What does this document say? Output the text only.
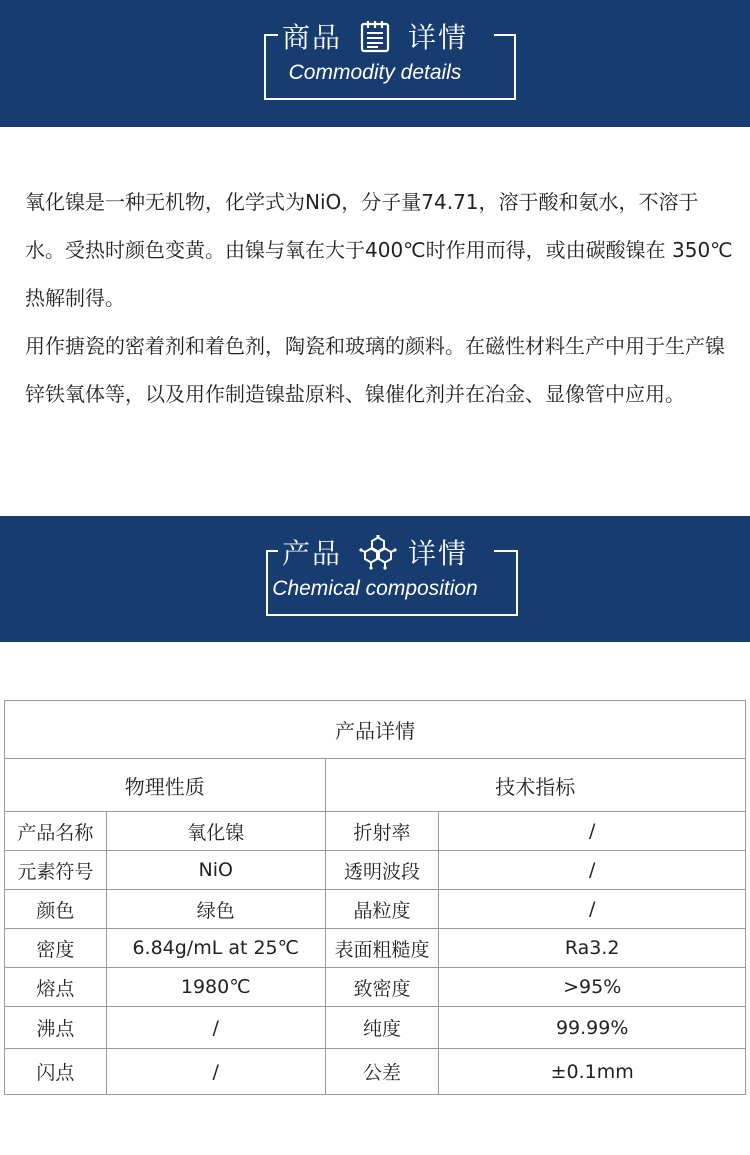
商品 详情
Commodity details

氧化镍是一种无机物，化学式为NiO，分子量74.71，溶于酸和氨水，不溶于水。受热时颜色变黄。由镍与氧在大于400℃时作用而得，或由碳酸镍在 350℃热解制得。

用作搪瓷的密着剂和着色剂，陶瓷和玻璃的颜料。在磁性材料生产中用于生产镍锌铁氧体等，以及用作制造镍盐原料、镍催化剂并在冶金、显像管中应用。

产品 详情
Chemical composition
产品详情			
物理性质		技术指标	
产品名称	氧化镍	折射率	/
元素符号	NiO	透明波段	/
颜色	绿色	晶粒度	/
密度	6.84g/mL at 25℃	表面粗糙度	Ra3.2
熔点	1980℃	致密度	>95%
沸点	/	纯度	99.99%
闪点	/	公差	±0.1mm
